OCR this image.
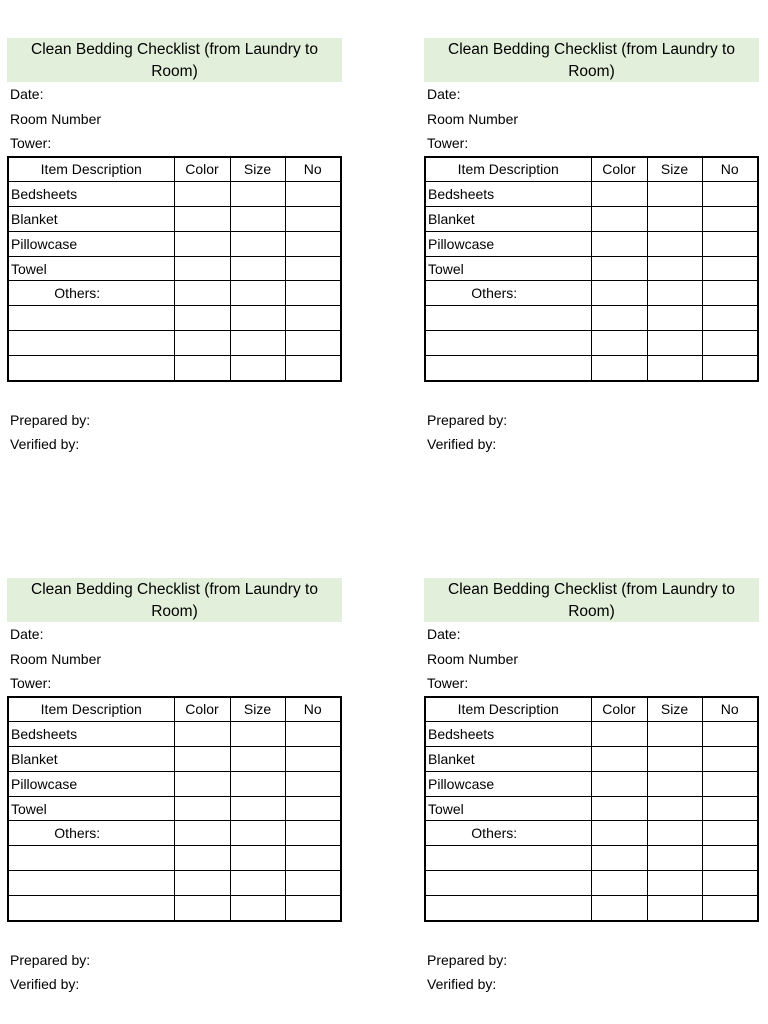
Clean Bedding Checklist (from Laundry to Room)
Date:
Room Number
Tower:
Item Description	Color	Size	No
Bedsheets			
Blanket			
Pillowcase			
Towel			
Others:			

Prepared by:
Verified by:
Clean Bedding Checklist (from Laundry to Room)
Date:
Room Number
Tower:
Item Description	Color	Size	No
Bedsheets			
Blanket			
Pillowcase			
Towel			
Others:			

Prepared by:
Verified by:
Clean Bedding Checklist (from Laundry to Room)
Date:
Room Number
Tower:
Item Description	Color	Size	No
Bedsheets			
Blanket			
Pillowcase			
Towel			
Others:			

Prepared by:
Verified by:
Clean Bedding Checklist (from Laundry to Room)
Date:
Room Number
Tower:
Item Description	Color	Size	No
Bedsheets			
Blanket			
Pillowcase			
Towel			
Others:			

Prepared by:
Verified by:
